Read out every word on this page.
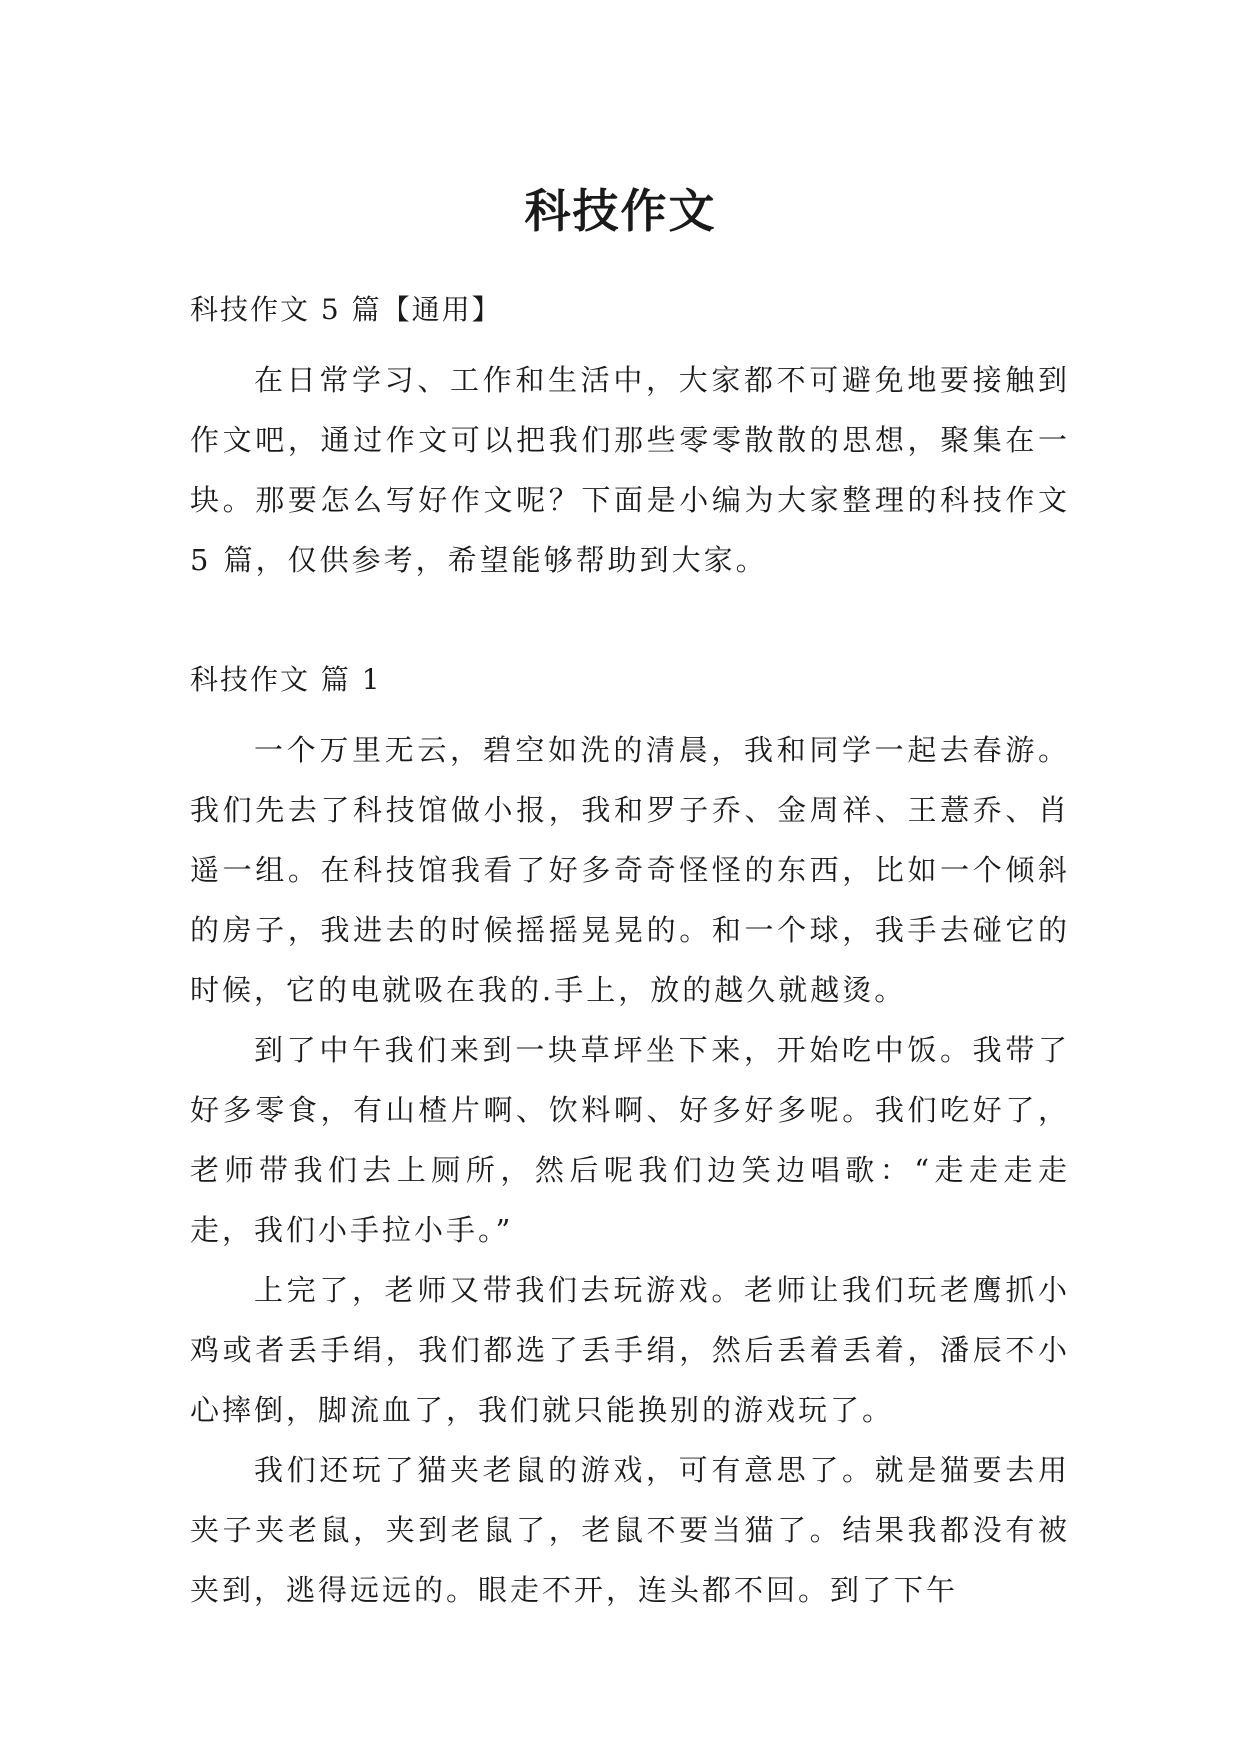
科技作文

科技作文 5 篇【通用】

在日常学习、工作和生活中，大家都不可避免地要接触到作文吧，通过作文可以把我们那些零零散散的思想，聚集在一块。那要怎么写好作文呢？下面是小编为大家整理的科技作文 5 篇，仅供参考，希望能够帮助到大家。

科技作文 篇 1

一个万里无云，碧空如洗的清晨，我和同学一起去春游。我们先去了科技馆做小报，我和罗子乔、金周祥、王薏乔、肖遥一组。在科技馆我看了好多奇奇怪怪的东西，比如一个倾斜的房子，我进去的时候摇摇晃晃的。和一个球，我手去碰它的时候，它的电就吸在我的.手上，放的越久就越烫。

到了中午我们来到一块草坪坐下来，开始吃中饭。我带了好多零食，有山楂片啊、饮料啊、好多好多呢。我们吃好了，老师带我们去上厕所，然后呢我们边笑边唱歌：“走走走走走，我们小手拉小手。”

上完了，老师又带我们去玩游戏。老师让我们玩老鹰抓小鸡或者丢手绢，我们都选了丢手绢，然后丢着丢着，潘辰不小心摔倒，脚流血了，我们就只能换别的游戏玩了。

我们还玩了猫夹老鼠的游戏，可有意思了。就是猫要去用夹子夹老鼠，夹到老鼠了，老鼠不要当猫了。结果我都没有被夹到，逃得远远的。眼走不开，连头都不回。到了下午
